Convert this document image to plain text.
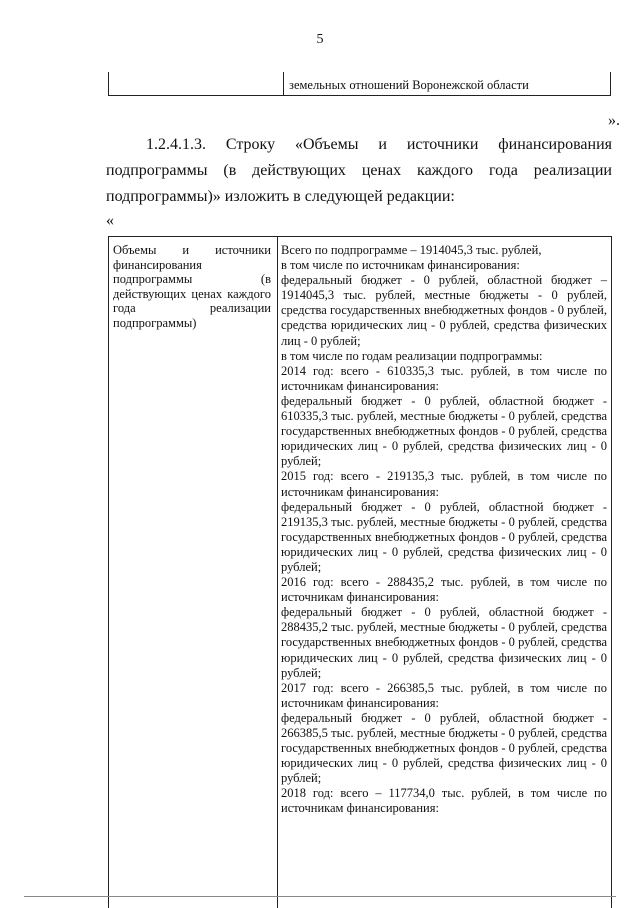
5
земельных отношений Воронежской области
».
1.2.4.1.3. Строку «Объемы и источники финансирования подпрограммы (в действующих ценах каждого года реализации подпрограммы)» изложить в следующей редакции:
«

Объемы и источники финансирования подпрограммы (в действующих ценах каждого года реализации подпрограммы)

Всего по подпрограмме – 1914045,3 тыс. рублей,

в том числе по источникам финансирования:

федеральный бюджет - 0 рублей, областной бюджет – 1914045,3 тыс. рублей, местные бюджеты - 0 рублей, средства государственных внебюджетных фондов - 0 рублей, средства юридических лиц - 0 рублей, средства физических лиц - 0 рублей;

в том числе по годам реализации подпрограммы:

2014 год: всего - 610335,3 тыс. рублей, в том числе по источникам финансирования:

федеральный бюджет - 0 рублей, областной бюджет - 610335,3 тыс. рублей, местные бюджеты - 0 рублей, средства государственных внебюджетных фондов - 0 рублей, средства юридических лиц - 0 рублей, средства физических лиц - 0 рублей;

2015 год: всего - 219135,3 тыс. рублей, в том числе по источникам финансирования:

федеральный бюджет - 0 рублей, областной бюджет - 219135,3 тыс. рублей, местные бюджеты - 0 рублей, средства государственных внебюджетных фондов - 0 рублей, средства юридических лиц - 0 рублей, средства физических лиц - 0 рублей;

2016 год: всего - 288435,2 тыс. рублей, в том числе по источникам финансирования:

федеральный бюджет - 0 рублей, областной бюджет - 288435,2 тыс. рублей, местные бюджеты - 0 рублей, средства государственных внебюджетных фондов - 0 рублей, средства юридических лиц - 0 рублей, средства физических лиц - 0 рублей;

2017 год: всего - 266385,5 тыс. рублей, в том числе по источникам финансирования:

федеральный бюджет - 0 рублей, областной бюджет - 266385,5 тыс. рублей, местные бюджеты - 0 рублей, средства государственных внебюджетных фондов - 0 рублей, средства юридических лиц - 0 рублей, средства физических лиц - 0 рублей;

2018 год: всего – 117734,0 тыс. рублей, в том числе по источникам финансирования:
